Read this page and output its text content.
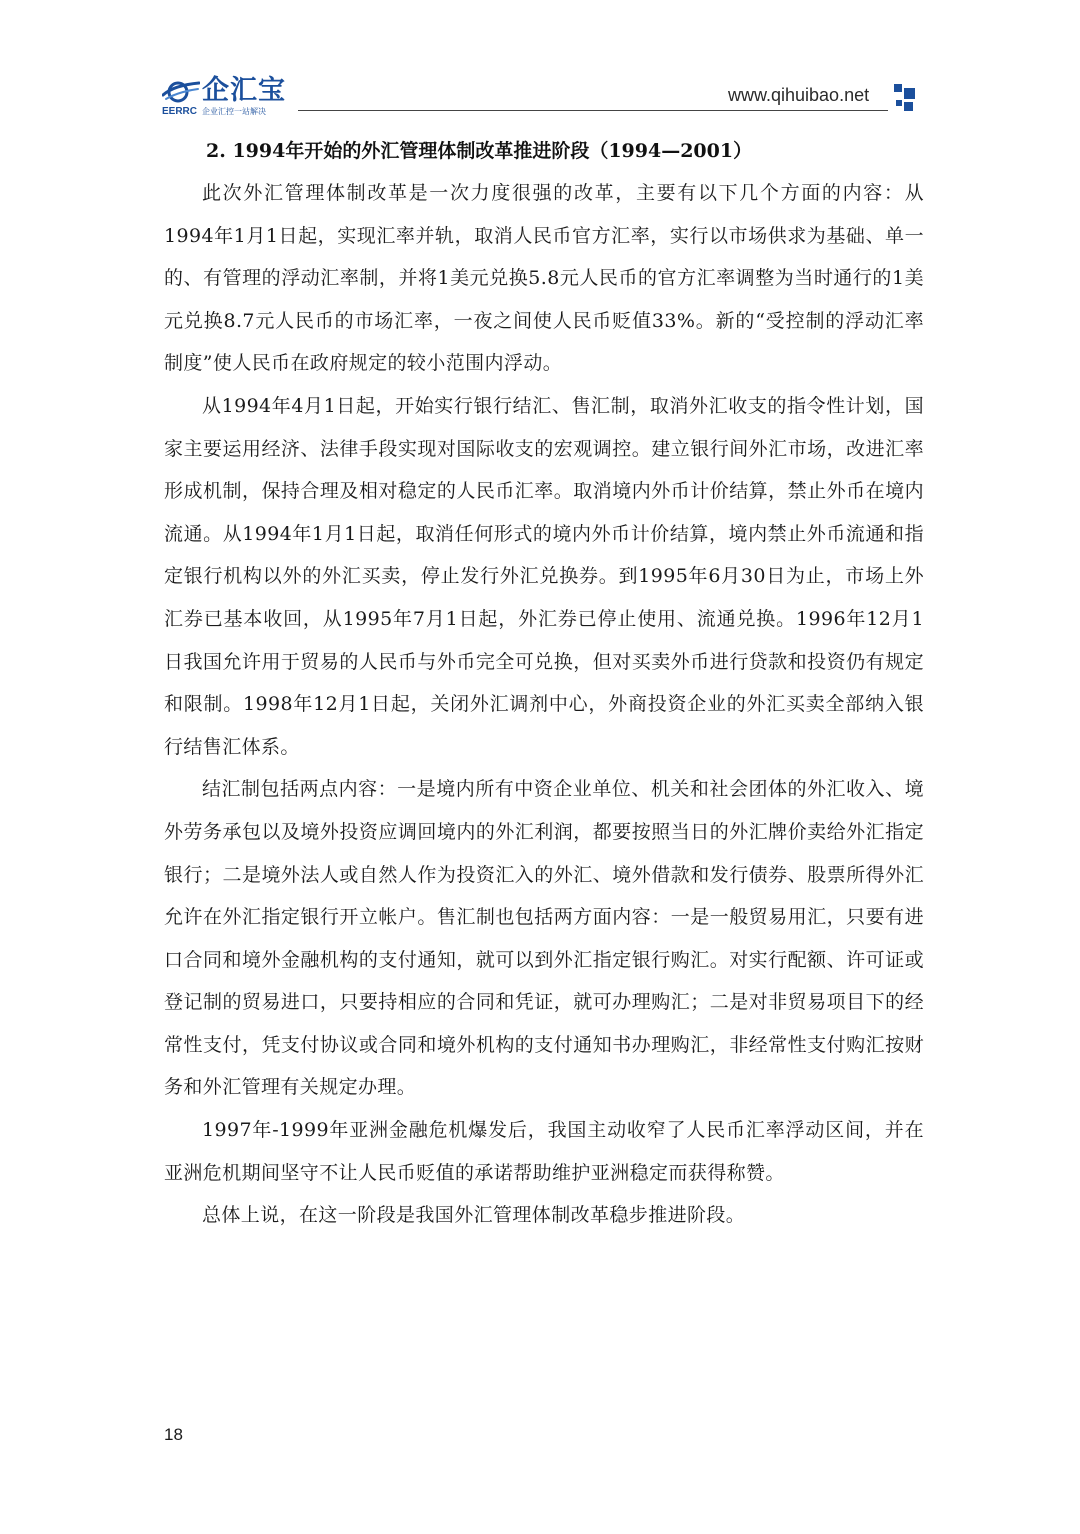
企汇宝
EERRC 企业汇控一站解决
www.qihuibao.net
2. 1994年开始的外汇管理体制改革推进阶段（1994—2001）

此次外汇管理体制改革是一次力度很强的改革，主要有以下几个方面的内容：从1994年1月1日起，实现汇率并轨，取消人民币官方汇率，实行以市场供求为基础、单一的、有管理的浮动汇率制，并将1美元兑换5.8元人民币的官方汇率调整为当时通行的1美元兑换8.7元人民币的市场汇率，一夜之间使人民币贬值33%。新的“受控制的浮动汇率制度”使人民币在政府规定的较小范围内浮动。

从1994年4月1日起，开始实行银行结汇、售汇制，取消外汇收支的指令性计划，国家主要运用经济、法律手段实现对国际收支的宏观调控。建立银行间外汇市场，改进汇率形成机制，保持合理及相对稳定的人民币汇率。取消境内外币计价结算，禁止外币在境内流通。从1994年1月1日起，取消任何形式的境内外币计价结算，境内禁止外币流通和指定银行机构以外的外汇买卖，停止发行外汇兑换券。到1995年6月30日为止，市场上外汇券已基本收回，从1995年7月1日起，外汇券已停止使用、流通兑换。1996年12月1日我国允许用于贸易的人民币与外币完全可兑换，但对买卖外币进行贷款和投资仍有规定和限制。1998年12月1日起，关闭外汇调剂中心，外商投资企业的外汇买卖全部纳入银行结售汇体系。

结汇制包括两点内容：一是境内所有中资企业单位、机关和社会团体的外汇收入、境外劳务承包以及境外投资应调回境内的外汇利润，都要按照当日的外汇牌价卖给外汇指定银行；二是境外法人或自然人作为投资汇入的外汇、境外借款和发行债券、股票所得外汇允许在外汇指定银行开立帐户。售汇制也包括两方面内容：一是一般贸易用汇，只要有进口合同和境外金融机构的支付通知，就可以到外汇指定银行购汇。对实行配额、许可证或登记制的贸易进口，只要持相应的合同和凭证，就可办理购汇；二是对非贸易项目下的经常性支付，凭支付协议或合同和境外机构的支付通知书办理购汇，非经常性支付购汇按财务和外汇管理有关规定办理。

1997年-1999年亚洲金融危机爆发后，我国主动收窄了人民币汇率浮动区间，并在亚洲危机期间坚守不让人民币贬值的承诺帮助维护亚洲稳定而获得称赞。

总体上说，在这一阶段是我国外汇管理体制改革稳步推进阶段。

18
